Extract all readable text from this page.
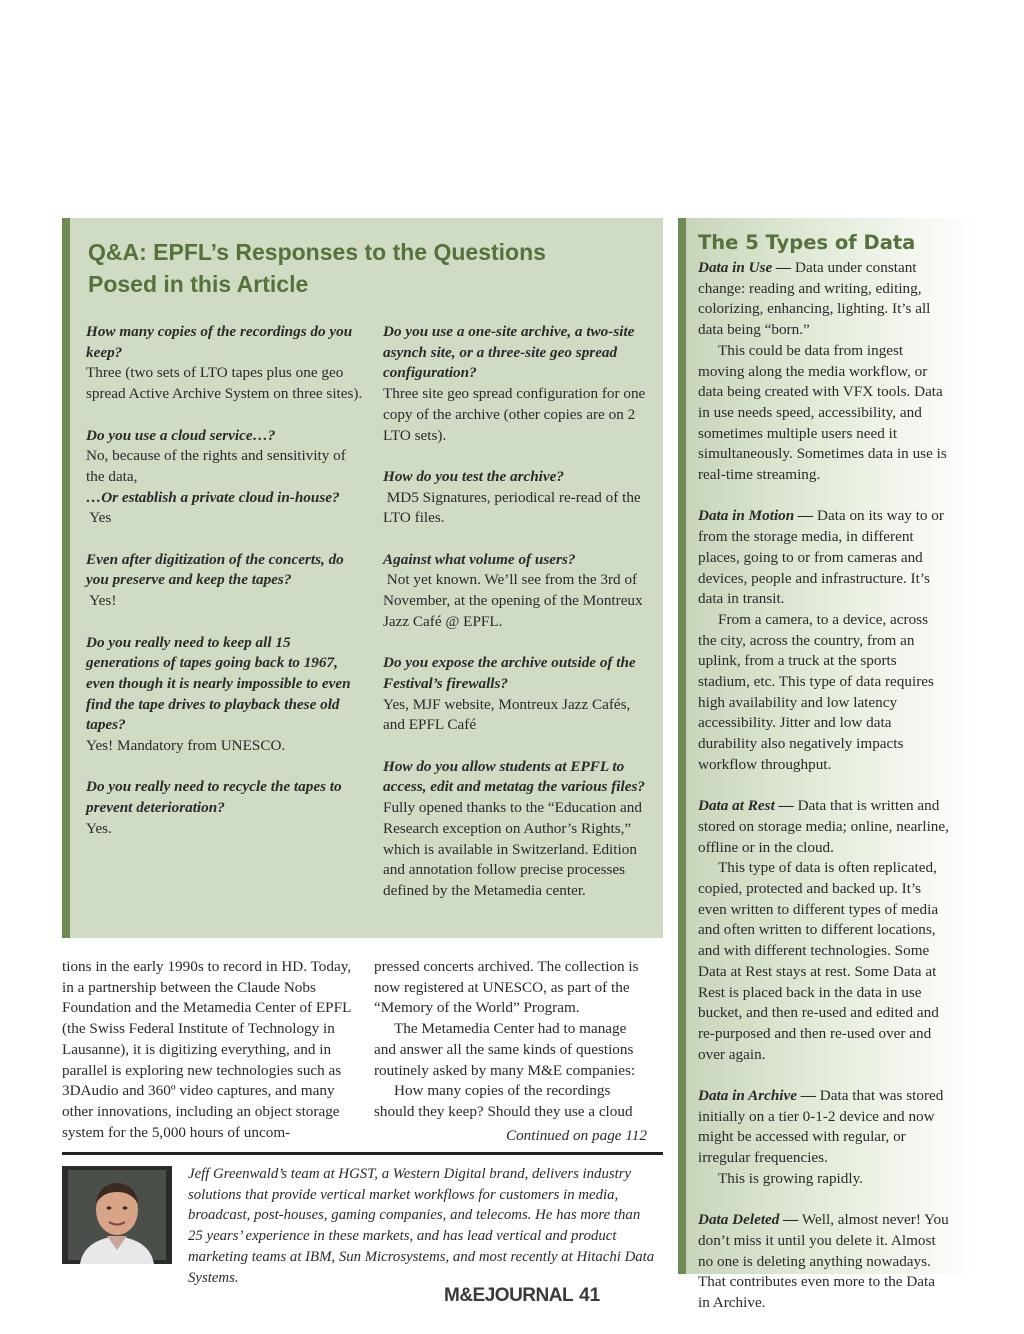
Q&A: EPFL’s Responses to the Questions Posed in this Article
How many copies of the recordings do you keep?
Three (two sets of LTO tapes plus one geo spread Active Archive System on three sites).
Do you use a cloud service…?
No, because of the rights and sensitivity of the data,
…Or establish a private cloud in-house?
Yes
Even after digitization of the concerts, do you preserve and keep the tapes?
Yes!
Do you really need to keep all 15 generations of tapes going back to 1967, even though it is nearly impossible to even find the tape drives to playback these old tapes?
Yes! Mandatory from UNESCO.
Do you really need to recycle the tapes to prevent deterioration?
Yes.
Do you use a one-site archive, a two-site asynch site, or a three-site geo spread configuration?
Three site geo spread configuration for one copy of the archive (other copies are on 2 LTO sets).
How do you test the archive?
MD5 Signatures, periodical re-read of the LTO files.
Against what volume of users?
Not yet known. We’ll see from the 3rd of November, at the opening of the Montreux Jazz Café @ EPFL.
Do you expose the archive outside of the Festival’s firewalls?
Yes, MJF website, Montreux Jazz Cafés, and EPFL Café
How do you allow students at EPFL to access, edit and metatag the various files?
Fully opened thanks to the “Education and Research exception on Author’s Rights,” which is available in Switzerland. Edition and annotation follow precise processes defined by the Metamedia center.
The 5 Types of Data

Data in Use — Data under constant change: reading and writing, editing, colorizing, enhancing, lighting. It’s all data being “born.”

This could be data from ingest moving along the media workflow, or data being created with VFX tools. Data in use needs speed, accessibility, and sometimes multiple users need it simultaneously. Sometimes data in use is real-time streaming.

Data in Motion — Data on its way to or from the storage media, in different places, going to or from cameras and devices, people and infrastructure. It’s data in transit.

From a camera, to a device, across the city, across the country, from an uplink, from a truck at the sports stadium, etc. This type of data requires high availability and low latency accessibility. Jitter and low data durability also negatively impacts workflow throughput.

Data at Rest — Data that is written and stored on storage media; online, nearline, offline or in the cloud.

This type of data is often replicated, copied, protected and backed up. It’s even written to different types of media and often written to different locations, and with different technologies. Some Data at Rest stays at rest. Some Data at Rest is placed back in the data in use bucket, and then re-used and edited and re-purposed and then re-used over and over again.

Data in Archive — Data that was stored initially on a tier 0-1-2 device and now might be accessed with regular, or irregular frequencies.

This is growing rapidly.

Data Deleted — Well, almost never! You don’t miss it until you delete it. Almost no one is deleting anything nowadays. That contributes even more to the Data in Archive.

tions in the early 1990s to record in HD. Today, in a partnership between the Claude Nobs Foundation and the Metamedia Center of EPFL (the Swiss Federal Institute of Technology in Lausanne), it is digitizing everything, and in parallel is exploring new technologies such as 3DAudio and 360º video captures, and many other innovations, including an object storage system for the 5,000 hours of uncom-

pressed concerts archived. The collection is now registered at UNESCO, as part of the “Memory of the World” Program.

The Metamedia Center had to manage and answer all the same kinds of questions routinely asked by many M&E companies:

How many copies of the recordings should they keep? Should they use a cloud

Continued on page 112
Jeff Greenwald’s team at HGST, a Western Digital brand, delivers industry solutions that provide vertical market workflows for customers in media, broadcast, post-houses, gaming companies, and telecoms. He has more than 25 years’ experience in these markets, and has lead vertical and product marketing teams at IBM, Sun Microsystems, and most recently at Hitachi Data Systems.
M&EJOURNAL 41
